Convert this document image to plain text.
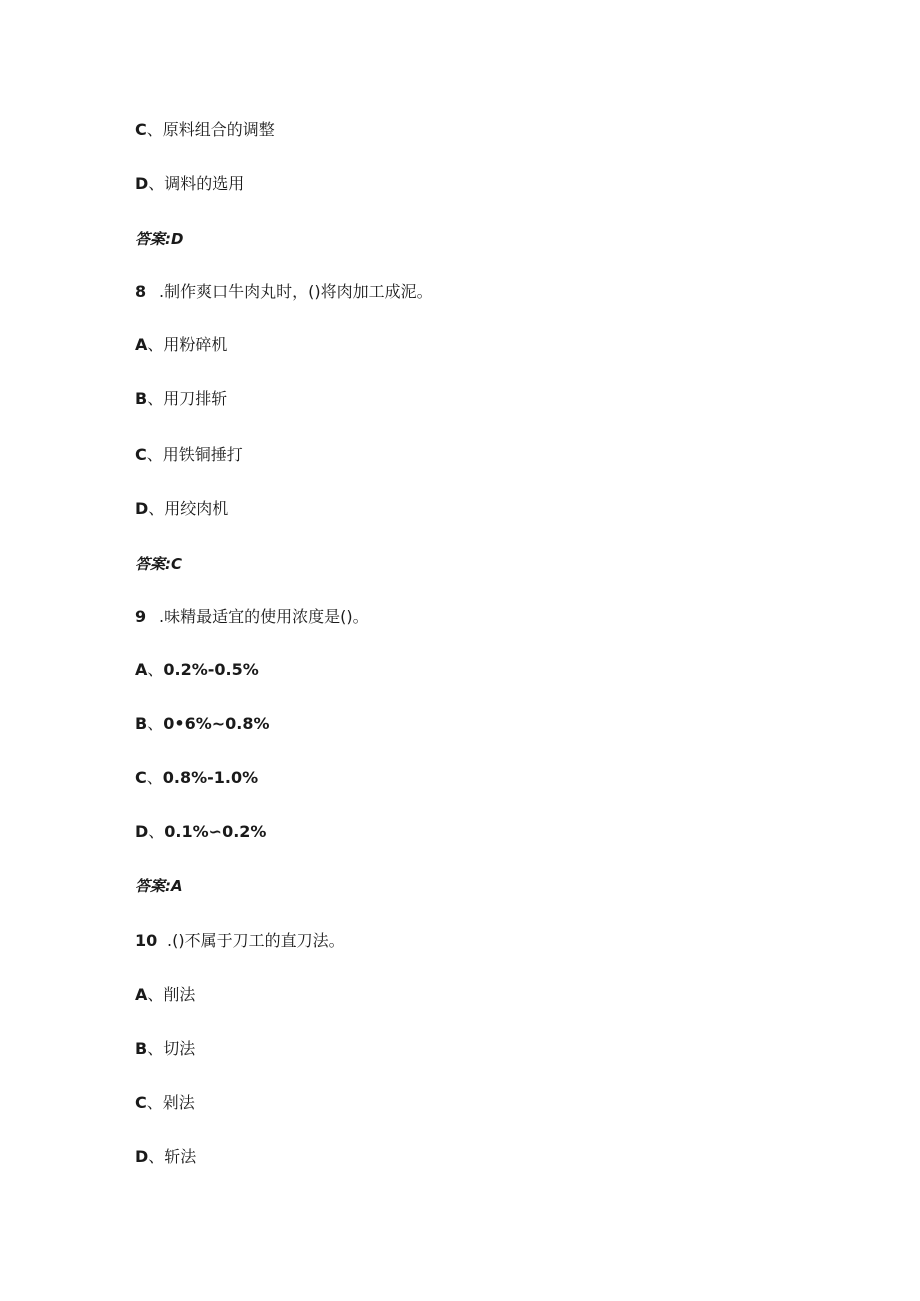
C、原料组合的调整
D、调料的选用
答案:D
8 .制作爽口牛肉丸时，()将肉加工成泥。
A、用粉碎机
B、用刀排斩
C、用铁铜捶打
D、用绞肉机
答案:C
9 .味精最适宜的使用浓度是()。
A、0.2%-0.5%
B、0•6%~0.8%
C、0.8%-1.0%
D、0.1%∽0.2%
答案:A
10 .()不属于刀工的直刀法。
A、削法
B、切法
C、剁法
D、斩法
